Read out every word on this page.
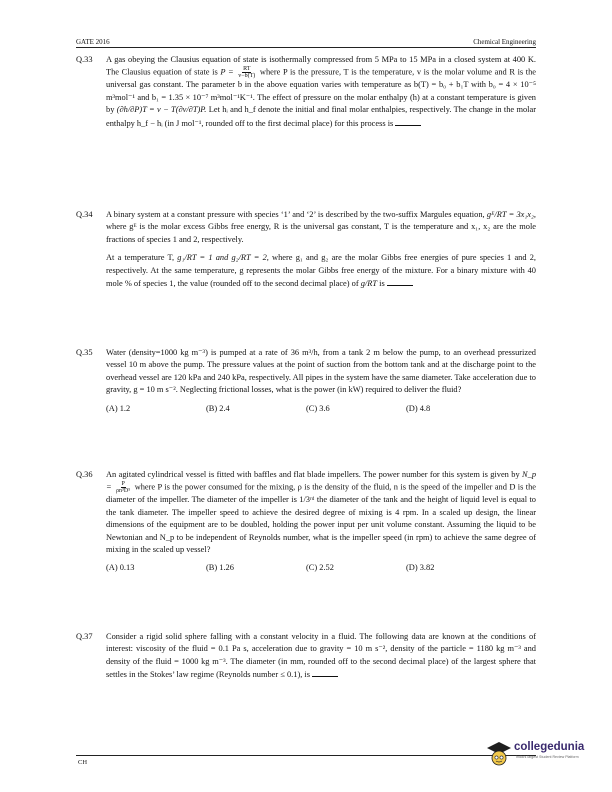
GATE 2016	Chemical Engineering
Q.33	A gas obeying the Clausius equation of state is isothermally compressed from 5 MPa to 15 MPa in a closed system at 400 K. The Clausius equation of state is $P = \frac{RT}{v-b(T)}$ where P is the pressure, T is the temperature, v is the molar volume and R is the universal gas constant. The parameter b in the above equation varies with temperature as b(T) = b₀ + b₁T with b₀ = 4 × 10⁻⁵ m³mol⁻¹ and b₁ = 1.35 × 10⁻⁷ m³mol⁻¹K⁻¹. The effect of pressure on the molar enthalpy (h) at a constant temperature is given by (∂h/∂P)T = v − T(∂v/∂T)P. Let hᵢ and h_f denote the initial and final molar enthalpies, respectively. The change in the molar enthalpy h_f − hᵢ (in J mol⁻¹, rounded off to the first decimal place) for this process is

Q.34	A binary system at a constant pressure with species ‘1’ and ‘2’ is described by the two-suffix Margules equation, gᴱ/RT = 3x₁x₂, where gᴱ is the molar excess Gibbs free energy, R is the universal gas constant, T is the temperature and x₁, x₂ are the mole fractions of species 1 and 2, respectively.

At a temperature T, g₁/RT = 1 and g₂/RT = 2, where g₁ and g₂ are the molar Gibbs free energies of pure species 1 and 2, respectively. At the same temperature, g represents the molar Gibbs free energy of the mixture. For a binary mixture with 40 mole % of species 1, the value (rounded off to the second decimal place) of g/RT is

Q.35	Water (density=1000 kg m⁻³) is pumped at a rate of 36 m³/h, from a tank 2 m below the pump, to an overhead pressurized vessel 10 m above the pump. The pressure values at the point of suction from the bottom tank and at the discharge point to the overhead vessel are 120 kPa and 240 kPa, respectively. All pipes in the system have the same diameter. Take acceleration due to gravity, g = 10 m s⁻². Neglecting frictional losses, what is the power (in kW) required to deliver the fluid?

(A) 1.2	(B) 2.4	(C) 3.6	(D) 4.8
Q.36	An agitated cylindrical vessel is fitted with baffles and flat blade impellers. The power number for this system is given by N_p = $\frac{P}{\text{ρn³D⁵}}$ where P is the power consumed for the mixing, ρ is the density of the fluid, n is the speed of the impeller and D is the diameter of the impeller. The diameter of the impeller is 1/3ʳᵈ the diameter of the tank and the height of liquid level is equal to the tank diameter. The impeller speed to achieve the desired degree of mixing is 4 rpm. In a scaled up design, the linear dimensions of the equipment are to be doubled, holding the power input per unit volume constant. Assuming the liquid to be Newtonian and N_p to be independent of Reynolds number, what is the impeller speed (in rpm) to achieve the same degree of mixing in the scaled up vessel?

(A) 0.13	(B) 1.26	(C) 2.52	(D) 3.82
Q.37	Consider a rigid solid sphere falling with a constant velocity in a fluid. The following data are known at the conditions of interest: viscosity of the fluid = 0.1 Pa s, acceleration due to gravity = 10 m s⁻², density of the particle = 1180 kg m⁻³ and density of the fluid = 1000 kg m⁻³. The diameter (in mm, rounded off to the second decimal place) of the largest sphere that settles in the Stokes’ law regime (Reynolds number ≤ 0.1), is

CH
collegedunia
India's largest Student Review Platform
